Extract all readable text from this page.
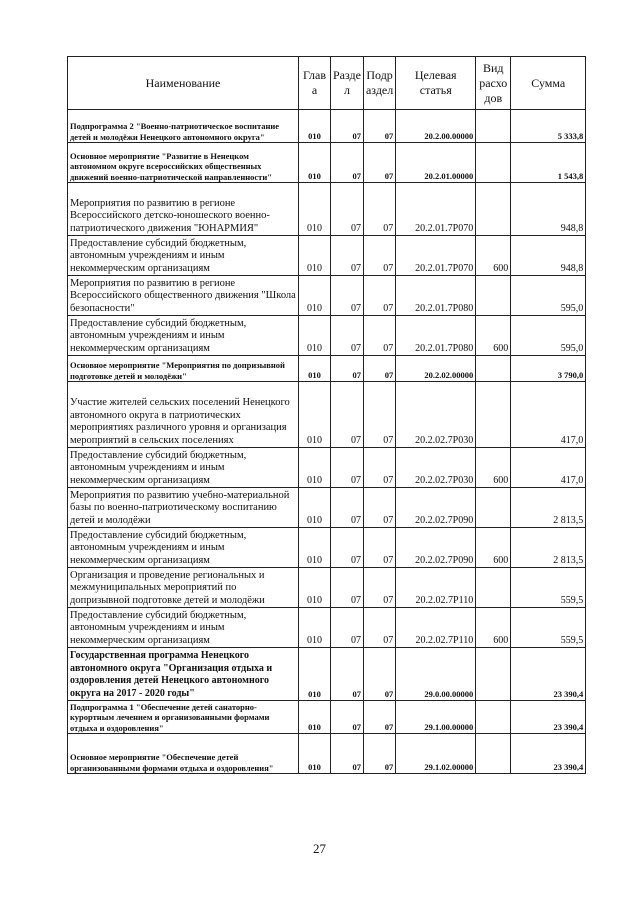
Наименование	Глав а	Разде л	Подр аздел	Целевая статья	Вид расхо дов	Сумма
Подпрограмма 2 "Военно-патриотическое воспитание детей и молодёжи Ненецкого автономного округа"	010	07	07	20.2.00.00000		5 333,8
Основное мероприятие "Развитие в Ненецком автономном округе всероссийских общественных движений военно-патриотической направленности"	010	07	07	20.2.01.00000		1 543,8
Мероприятия по развитию в регионе Всероссийского детско-юношеского военно-патриотического движения "ЮНАРМИЯ"	010	07	07	20.2.01.7Р070		948,8
Предоставление субсидий бюджетным, автономным учреждениям и иным некоммерческим организациям	010	07	07	20.2.01.7Р070	600	948,8
Мероприятия по развитию в регионе Всероссийского общественного движения "Школа безопасности"	010	07	07	20.2.01.7Р080		595,0
Предоставление субсидий бюджетным, автономным учреждениям и иным некоммерческим организациям	010	07	07	20.2.01.7Р080	600	595,0
Основное мероприятие "Мероприятия по допризывной подготовке детей и молодёжи"	010	07	07	20.2.02.00000		3 790,0
Участие жителей сельских поселений Ненецкого автономного округа в патриотических мероприятиях различного уровня и организация мероприятий в сельских поселениях	010	07	07	20.2.02.7Р030		417,0
Предоставление субсидий бюджетным, автономным учреждениям и иным некоммерческим организациям	010	07	07	20.2.02.7Р030	600	417,0
Мероприятия по развитию учебно-материальной базы по военно-патриотическому воспитанию детей и молодёжи	010	07	07	20.2.02.7Р090		2 813,5
Предоставление субсидий бюджетным, автономным учреждениям и иным некоммерческим организациям	010	07	07	20.2.02.7Р090	600	2 813,5
Организация и проведение региональных и межмуниципальных мероприятий по допризывной подготовке детей и молодёжи	010	07	07	20.2.02.7Р110		559,5
Предоставление субсидий бюджетным, автономным учреждениям и иным некоммерческим организациям	010	07	07	20.2.02.7Р110	600	559,5
Государственная программа Ненецкого автономного округа "Организация отдыха и оздоровления детей Ненецкого автономного округа на 2017 - 2020 годы"	010	07	07	29.0.00.00000		23 390,4
Подпрограмма 1 "Обеспечение детей санаторно-курортным лечением и организованными формами отдыха и оздоровления"	010	07	07	29.1.00.00000		23 390,4
Основное мероприятие "Обеспечение детей организованными формами отдыха и оздоровления"	010	07	07	29.1.02.00000		23 390,4
27
